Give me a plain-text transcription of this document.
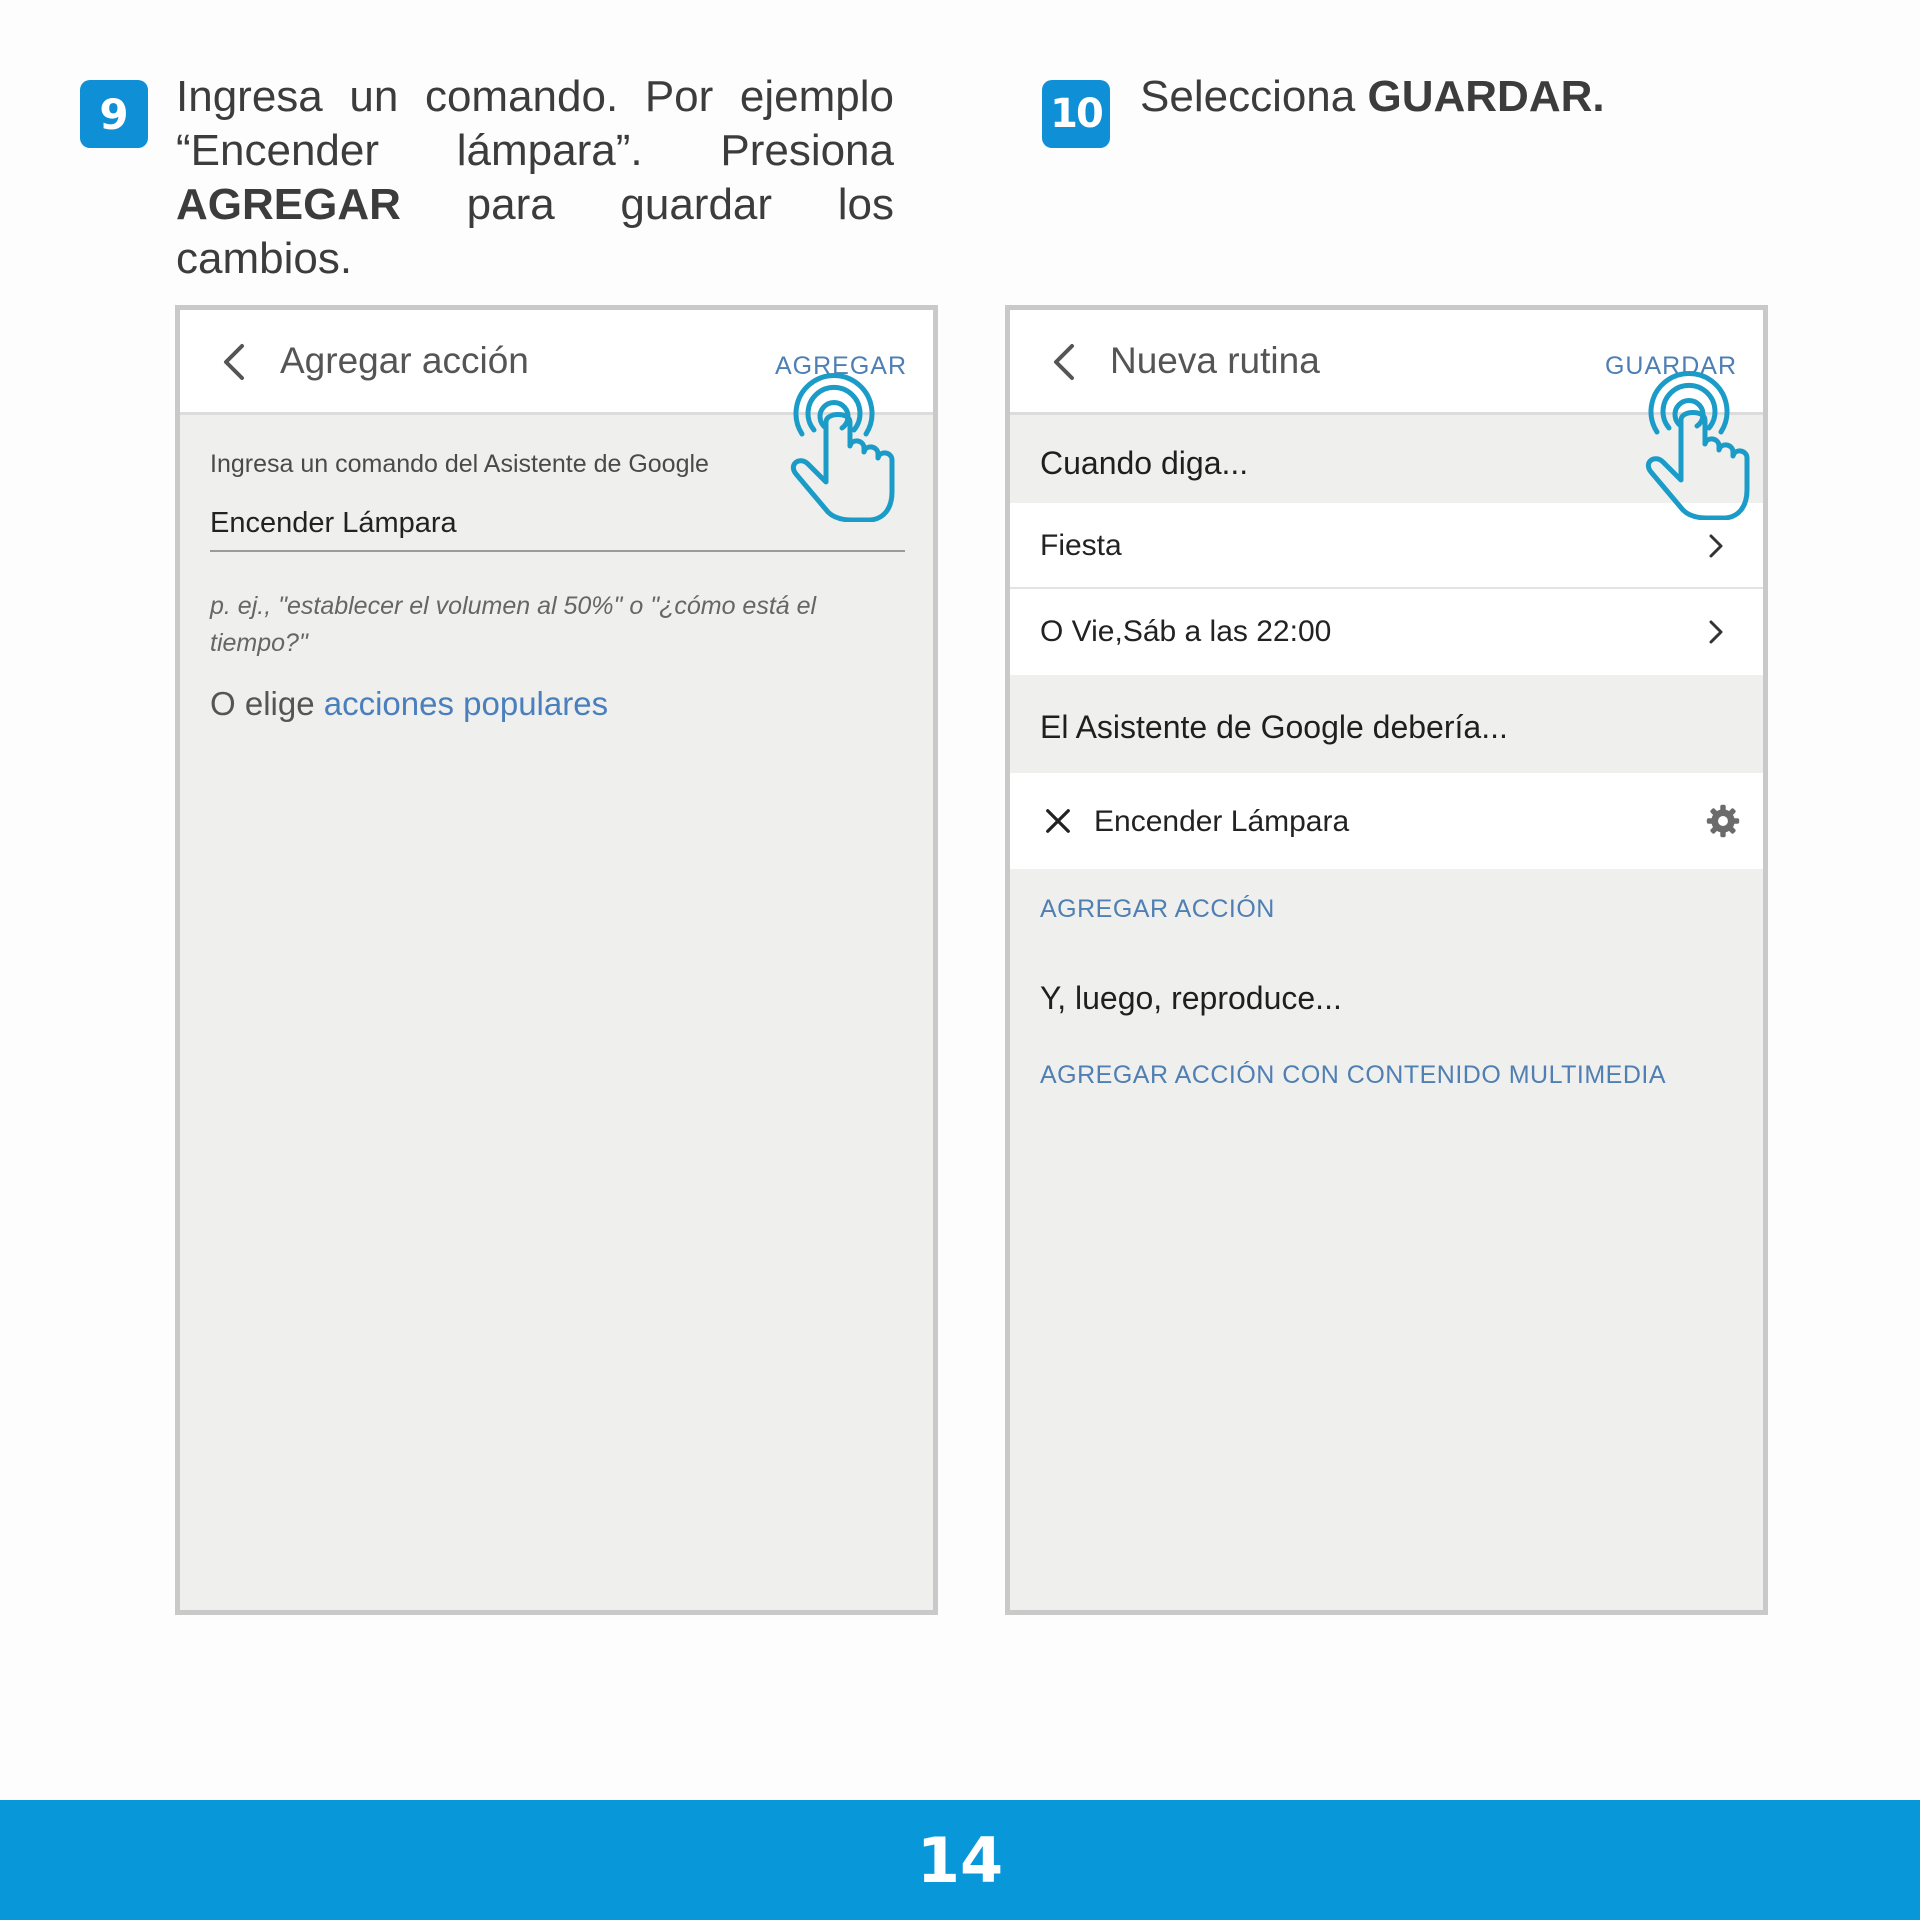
9 Ingresa un comando. Por ejemplo “Encender lámpara”. Presiona AGREGAR para guardar los cambios.

10 Selecciona GUARDAR.

Agregar acción	AGREGAR
Ingresa un comando del Asistente de Google
Encender Lámpara
p. ej., "establecer el volumen al 50%" o "¿cómo está el tiempo?"
O elige acciones populares
Nueva rutina	GUARDAR
Cuando diga...
Fiesta
O Vie,Sáb a las 22:00
El Asistente de Google debería...
Encender Lámpara
AGREGAR ACCIÓN
Y, luego, reproduce...
AGREGAR ACCIÓN CON CONTENIDO MULTIMEDIA
14
